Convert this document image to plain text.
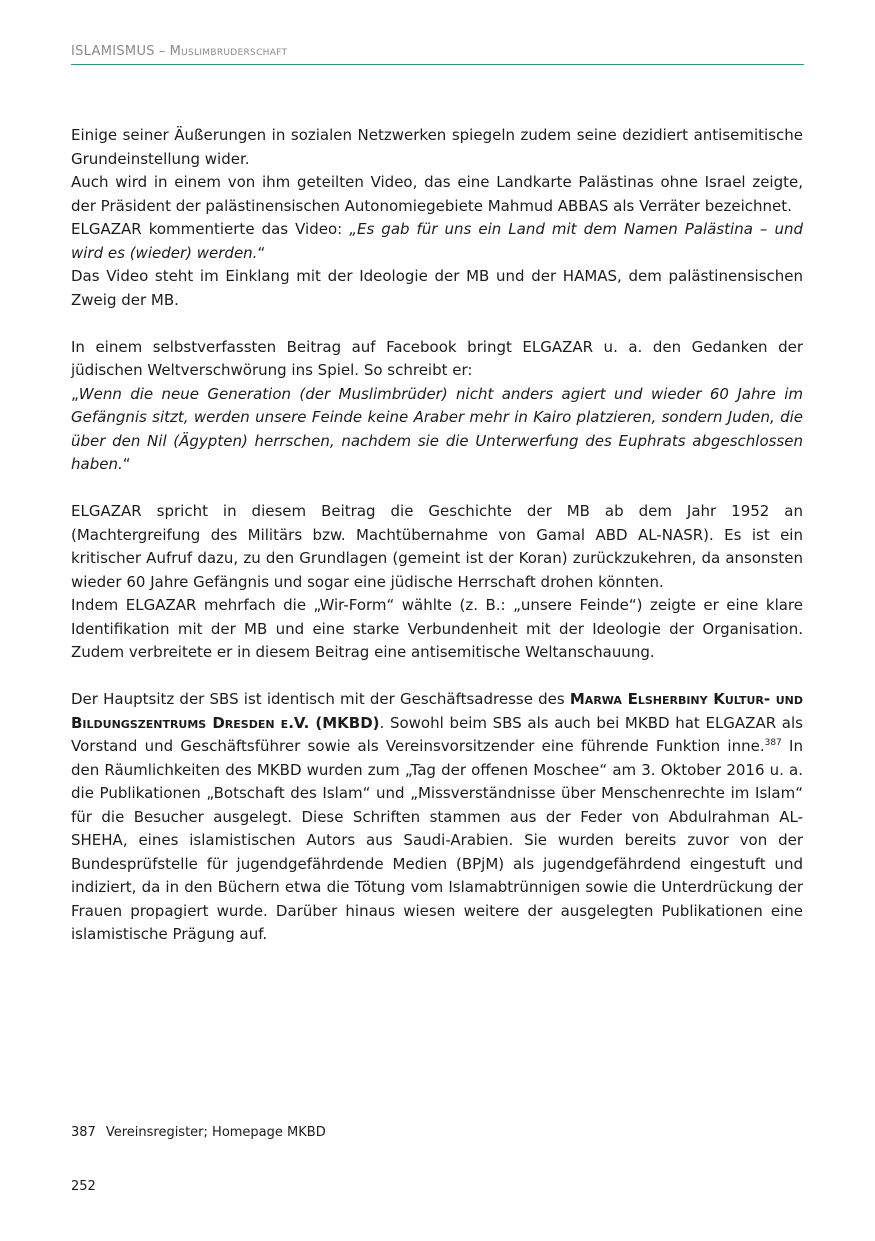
ISLAMISMUS – Muslimbruderschaft

Einige seiner Äußerungen in sozialen Netzwerken spiegeln zudem seine dezidiert antisemitische Grundeinstellung wider.

Auch wird in einem von ihm geteilten Video, das eine Landkarte Palästinas ohne Israel zeigte, der Präsident der palästinensischen Autonomiegebiete Mahmud ABBAS als Verräter bezeichnet.

ELGAZAR kommentierte das Video: „Es gab für uns ein Land mit dem Namen Palästina – und wird es (wieder) werden.“

Das Video steht im Einklang mit der Ideologie der MB und der HAMAS, dem palästinensischen Zweig der MB.

In einem selbstverfassten Beitrag auf Facebook bringt ELGAZAR u. a. den Gedanken der jüdischen Weltverschwörung ins Spiel. So schreibt er:

„Wenn die neue Generation (der Muslimbrüder) nicht anders agiert und wieder 60 Jahre im Gefängnis sitzt, werden unsere Feinde keine Araber mehr in Kairo platzieren, sondern Juden, die über den Nil (Ägypten) herrschen, nachdem sie die Unterwerfung des Euphrats abgeschlossen haben.“

ELGAZAR spricht in diesem Beitrag die Geschichte der MB ab dem Jahr 1952 an (Machtergreifung des Militärs bzw. Machtübernahme von Gamal ABD AL-NASR). Es ist ein kritischer Aufruf dazu, zu den Grundlagen (gemeint ist der Koran) zurückzukehren, da ansonsten wieder 60 Jahre Gefängnis und sogar eine jüdische Herrschaft drohen könnten.

Indem ELGAZAR mehrfach die „Wir-Form“ wählte (z. B.: „unsere Feinde“) zeigte er eine klare Identifikation mit der MB und eine starke Verbundenheit mit der Ideologie der Organisation. Zudem verbreitete er in diesem Beitrag eine antisemitische Weltanschauung.

Der Hauptsitz der SBS ist identisch mit der Geschäftsadresse des Marwa Elsherbiny Kultur- und Bildungszentrums Dresden e.V. (MKBD). Sowohl beim SBS als auch bei MKBD hat ELGAZAR als Vorstand und Geschäftsführer sowie als Vereinsvorsitzender eine führende Funktion inne.$^{387}$ In den Räumlichkeiten des MKBD wurden zum „Tag der offenen Moschee“ am 3. Oktober 2016 u. a. die Publikationen „Botschaft des Islam“ und „Missverständnisse über Menschenrechte im Islam“ für die Besucher ausgelegt. Diese Schriften stammen aus der Feder von Abdulrahman AL-SHEHA, eines islamistischen Autors aus Saudi-Arabien. Sie wurden bereits zuvor von der Bundesprüfstelle für jugendgefährdende Medien (BPjM) als jugendgefährdend eingestuft und indiziert, da in den Büchern etwa die Tötung vom Islamabtrünnigen sowie die Unterdrückung der Frauen propagiert wurde. Darüber hinaus wiesen weitere der ausgelegten Publikationen eine islamistische Prägung auf.

387 Vereinsregister; Homepage MKBD
252
